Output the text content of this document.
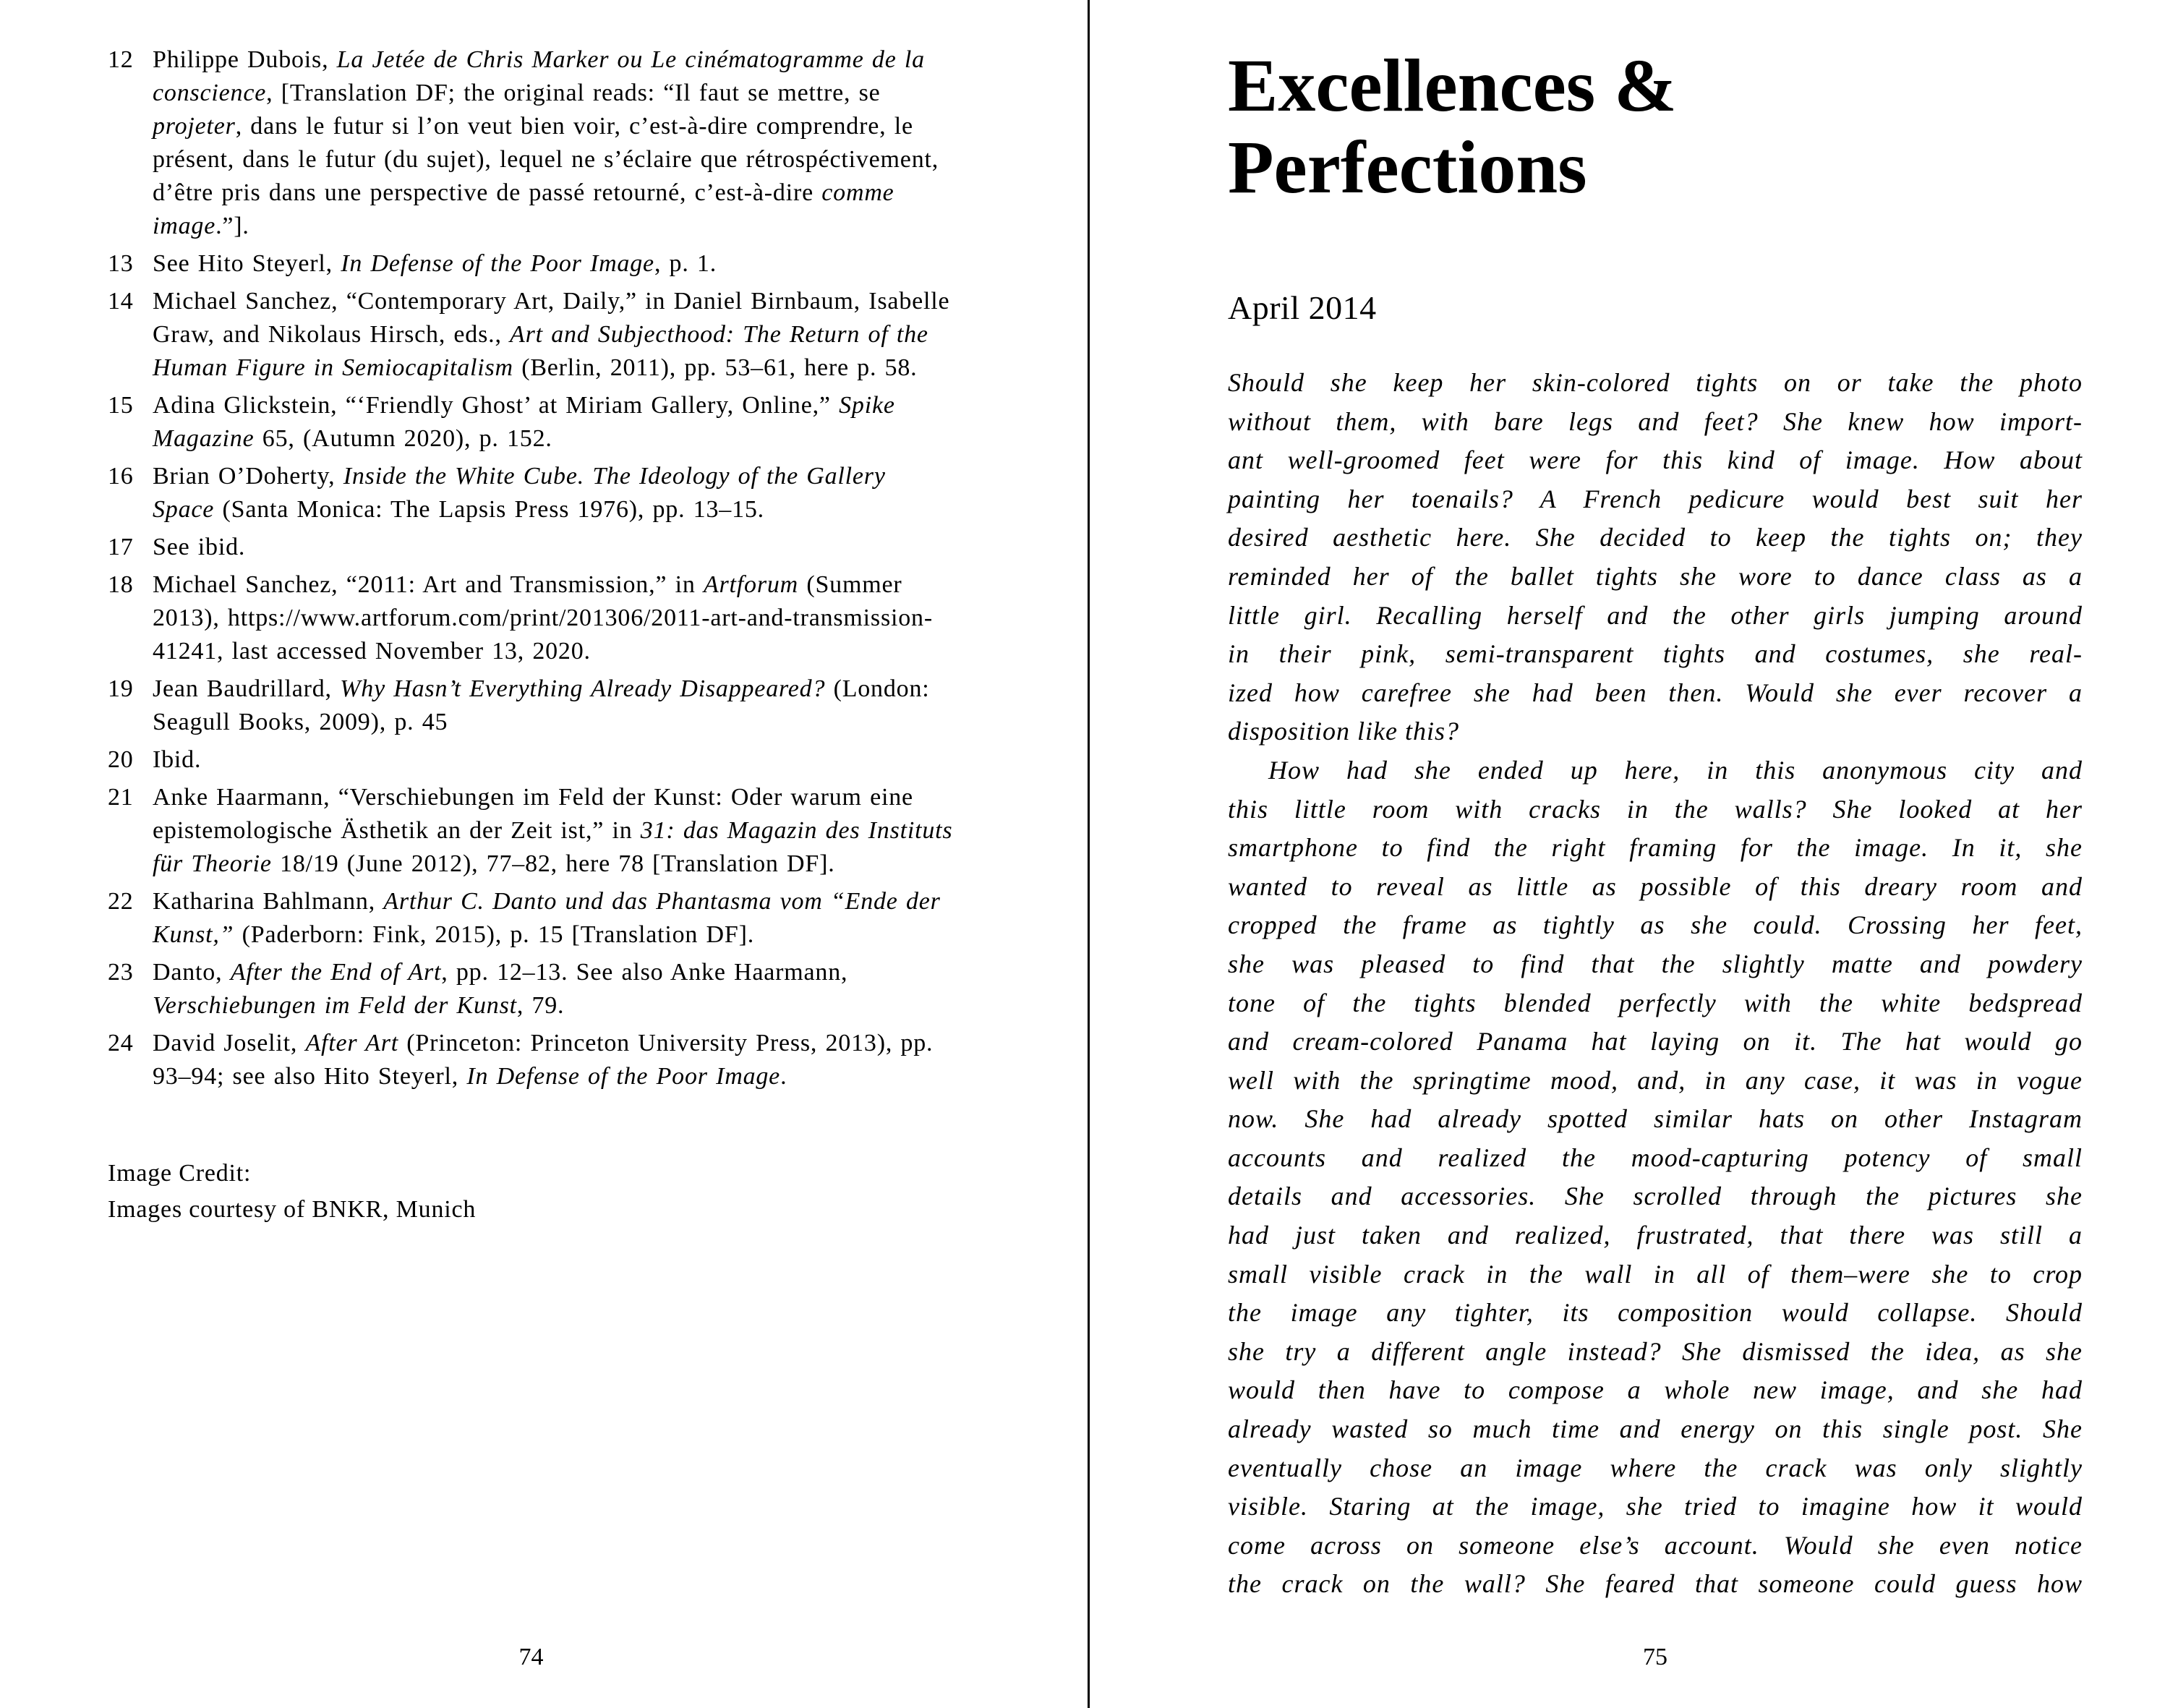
12 Philippe Dubois, La Jetée de Chris Marker ou Le cinématogramme de la conscience, [Translation DF; the original reads: “Il faut se mettre, se projeter, dans le futur si l’on veut bien voir, c’est-à-dire comprendre, le présent, dans le futur (du sujet), lequel ne s’éclaire que rétrospéctivement, d’être pris dans une perspective de passé retourné, c’est-à-dire comme image.”].
13 See Hito Steyerl, In Defense of the Poor Image, p. 1.
14 Michael Sanchez, “Contemporary Art, Daily,” in Daniel Birnbaum, Isabelle Graw, and Nikolaus Hirsch, eds., Art and Subjecthood: The Return of the Human Figure in Semiocapitalism (Berlin, 2011), pp. 53–61, here p. 58.
15 Adina Glickstein, “‘Friendly Ghost’ at Miriam Gallery, Online,” Spike Magazine 65, (Autumn 2020), p. 152.
16 Brian O’Doherty, Inside the White Cube. The Ideology of the Gallery Space (Santa Monica: The Lapsis Press 1976), pp. 13–15.
17 See ibid.
18 Michael Sanchez, “2011: Art and Transmission,” in Artforum (Summer 2013), https://www.artforum.com/print/201306/2011-art-and-transmission-41241, last accessed November 13, 2020.
19 Jean Baudrillard, Why Hasn’t Everything Already Disappeared? (London: Seagull Books, 2009), p. 45
20 Ibid.
21 Anke Haarmann, “Verschiebungen im Feld der Kunst: Oder warum eine epistemologische Ästhetik an der Zeit ist,” in 31: das Magazin des Instituts für Theorie 18/19 (June 2012), 77–82, here 78 [Translation DF].
22 Katharina Bahlmann, Arthur C. Danto und das Phantasma vom “Ende der Kunst,” (Paderborn: Fink, 2015), p. 15 [Translation DF].
23 Danto, After the End of Art, pp. 12–13. See also Anke Haarmann, Verschiebungen im Feld der Kunst, 79.
24 David Joselit, After Art (Princeton: Princeton University Press, 2013), pp. 93–94; see also Hito Steyerl, In Defense of the Poor Image.
Image Credit:
Images courtesy of BNKR, Munich
74
Excellences &
Perfections
April 2014
Should she keep her skin-colored tights on or take the photo
without them, with bare legs and feet? She knew how import-
ant well-groomed feet were for this kind of image. How about
painting her toenails? A French pedicure would best suit her
desired aesthetic here. She decided to keep the tights on; they
reminded her of the ballet tights she wore to dance class as a
little girl. Recalling herself and the other girls jumping around
in their pink, semi-transparent tights and costumes, she real-
ized how carefree she had been then. Would she ever recover a
disposition like this?
How had she ended up here, in this anonymous city and
this little room with cracks in the walls? She looked at her
smartphone to find the right framing for the image. In it, she
wanted to reveal as little as possible of this dreary room and
cropped the frame as tightly as she could. Crossing her feet,
she was pleased to find that the slightly matte and powdery
tone of the tights blended perfectly with the white bedspread
and cream-colored Panama hat laying on it. The hat would go
well with the springtime mood, and, in any case, it was in vogue
now. She had already spotted similar hats on other Instagram
accounts and realized the mood-capturing potency of small
details and accessories. She scrolled through the pictures she
had just taken and realized, frustrated, that there was still a
small visible crack in the wall in all of them–were she to crop
the image any tighter, its composition would collapse. Should
she try a different angle instead? She dismissed the idea, as she
would then have to compose a whole new image, and she had
already wasted so much time and energy on this single post. She
eventually chose an image where the crack was only slightly
visible. Staring at the image, she tried to imagine how it would
come across on someone else’s account. Would she even notice
the crack on the wall? She feared that someone could guess how
75
